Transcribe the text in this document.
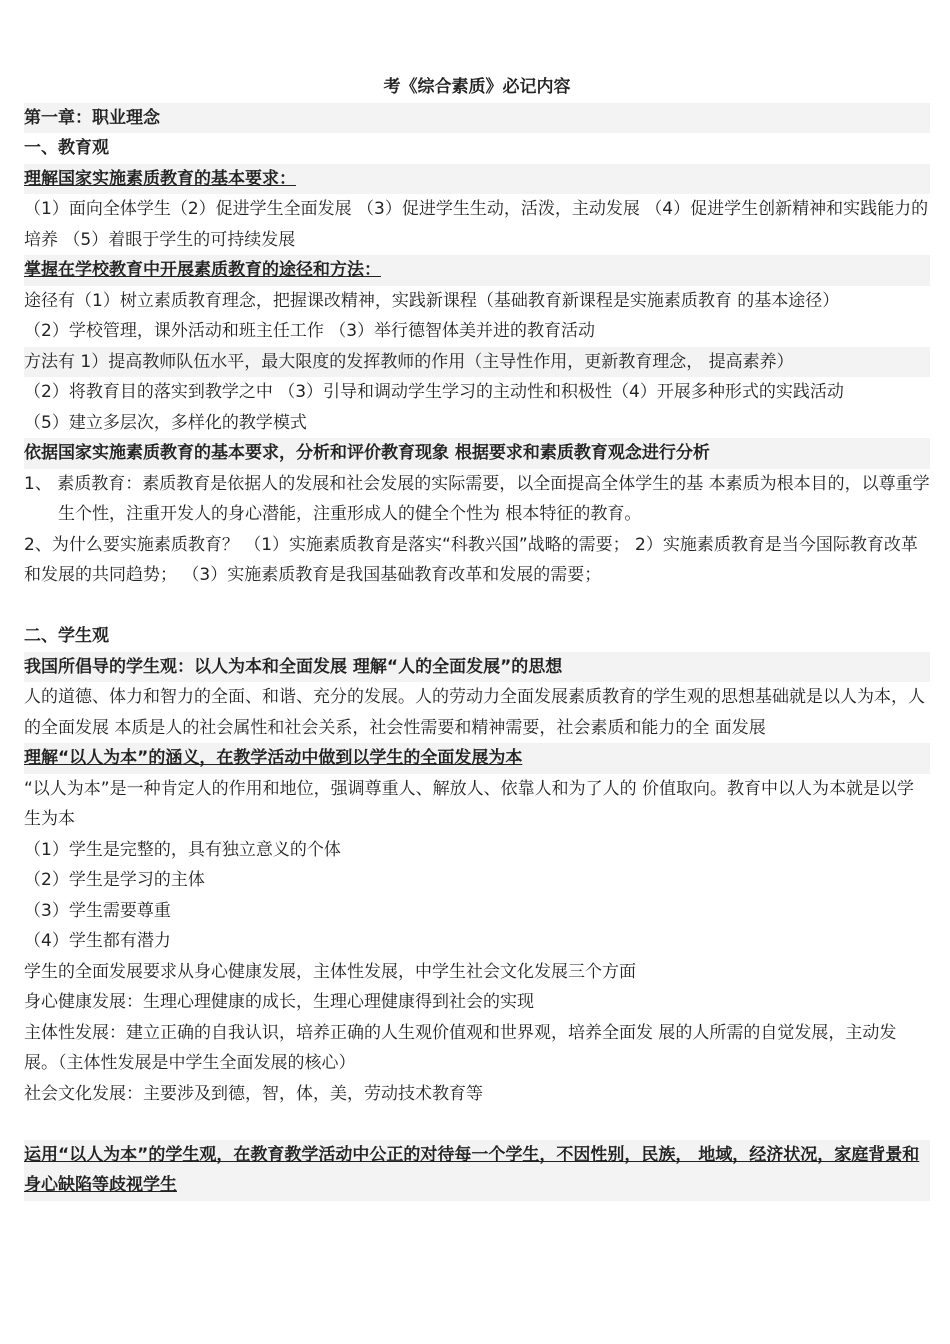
考《综合素质》必记内容
第一章：职业理念
一、教育观
理解国家实施素质教育的基本要求：
（1）面向全体学生（2）促进学生全面发展 （3）促进学生生动，活泼，主动发展 （4）促进学生创新精神和实践能力的培养 （5）着眼于学生的可持续发展
掌握在学校教育中开展素质教育的途径和方法：
途径有（1）树立素质教育理念，把握课改精神，实践新课程（基础教育新课程是实施素质教育 的基本途径）
（2）学校管理，课外活动和班主任工作 （3）举行德智体美并进的教育活动
方法有 1）提高教师队伍水平，最大限度的发挥教师的作用（主导性作用，更新教育理念， 提高素养）
（2）将教育目的落实到教学之中 （3）引导和调动学生学习的主动性和积极性（4）开展多种形式的实践活动
（5）建立多层次，多样化的教学模式
依据国家实施素质教育的基本要求，分析和评价教育现象 根据要求和素质教育观念进行分析
1、 素质教育：素质教育是依据人的发展和社会发展的实际需要，以全面提高全体学生的基 本素质为根本目的，以尊重学生个性，注重开发人的身心潜能，注重形成人的健全个性为 根本特征的教育。
2、为什么要实施素质教育？ （1）实施素质教育是落实“科教兴国”战略的需要； 2）实施素质教育是当今国际教育改革和发展的共同趋势； （3）实施素质教育是我国基础教育改革和发展的需要；
二、学生观
我国所倡导的学生观：以人为本和全面发展 理解“人的全面发展”的思想
人的道德、体力和智力的全面、和谐、充分的发展。人的劳动力全面发展素质教育的学生观的思想基础就是以人为本，人的全面发展 本质是人的社会属性和社会关系，社会性需要和精神需要，社会素质和能力的全 面发展
理解“以人为本”的涵义，在教学活动中做到以学生的全面发展为本
“以人为本”是一种肯定人的作用和地位，强调尊重人、解放人、依靠人和为了人的 价值取向。教育中以人为本就是以学生为本
（1）学生是完整的，具有独立意义的个体
（2）学生是学习的主体
（3）学生需要尊重
（4）学生都有潜力
学生的全面发展要求从身心健康发展，主体性发展，中学生社会文化发展三个方面
身心健康发展：生理心理健康的成长，生理心理健康得到社会的实现
主体性发展：建立正确的自我认识，培养正确的人生观价值观和世界观，培养全面发 展的人所需的自觉发展，主动发展。（主体性发展是中学生全面发展的核心）
社会文化发展：主要涉及到德，智，体，美，劳动技术教育等
运用“以人为本”的学生观，在教育教学活动中公正的对待每一个学生，不因性别，民族， 地域，经济状况，家庭背景和身心缺陷等歧视学生
